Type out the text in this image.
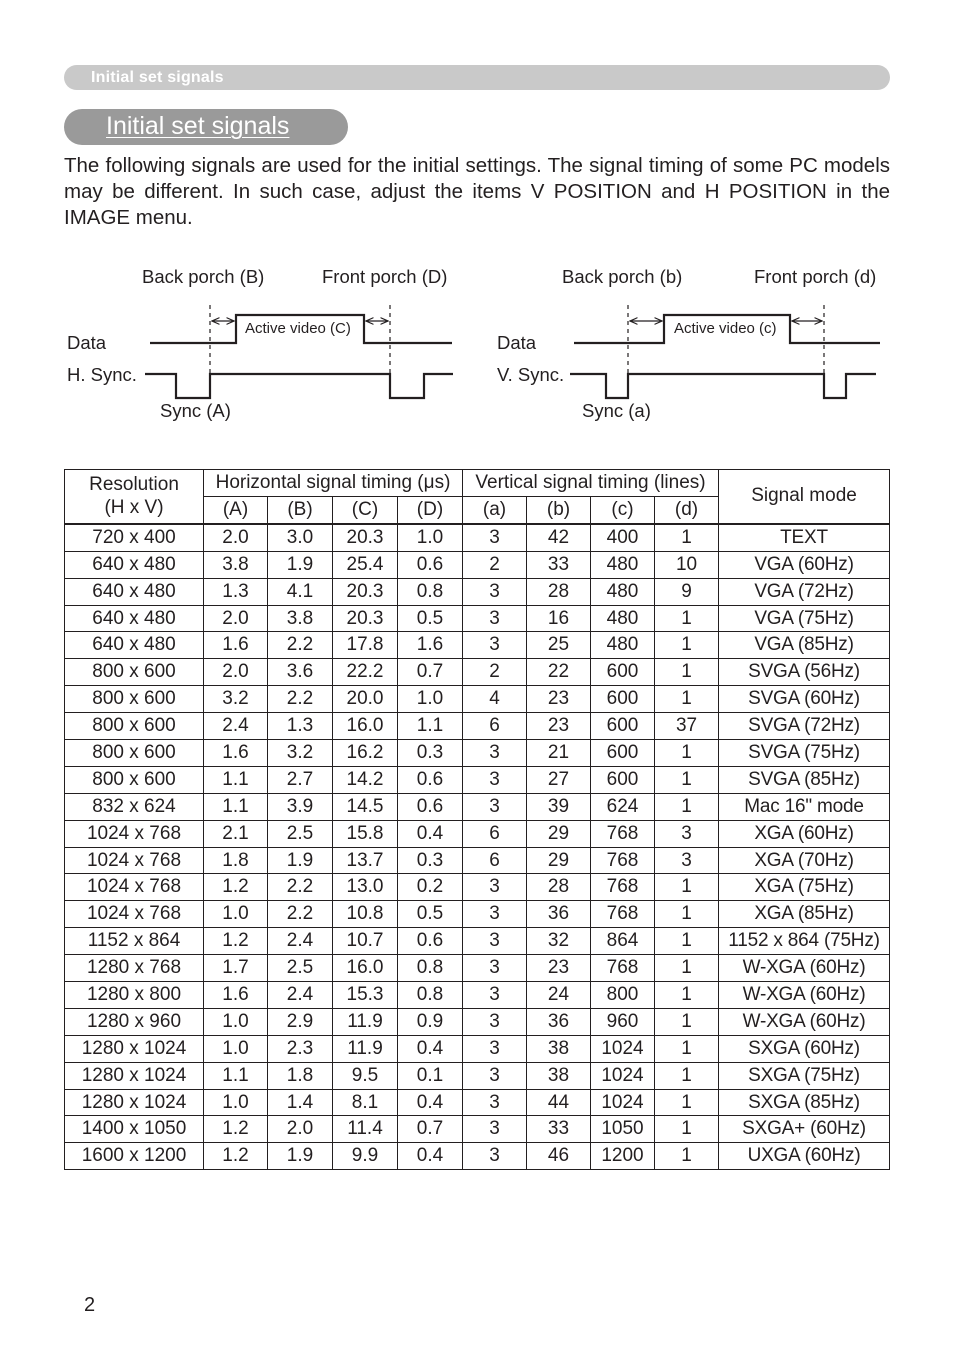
Initial set signals
Initial set signals

The following signals are used for the initial settings. The signal timing of some PC models may be different. In such case, adjust the items V POSITION and H POSITION in the IMAGE menu.

Back porch (B)	Front porch (D)
Data
H. Sync.
Sync (A)
Active video (C)
Back porch (b)	Front porch (d)
Data
V. Sync.
Sync (a)
Active video (c)
Resolution
(H x V)	Horizontal signal timing (μs)				Vertical signal timing (lines)				Signal mode
	(A)	(B)	(C)	(D)	(a)	(b)	(c)	(d)	
720 x 400	2.0	3.0	20.3	1.0	3	42	400	1	TEXT
640 x 480	3.8	1.9	25.4	0.6	2	33	480	10	VGA (60Hz)
640 x 480	1.3	4.1	20.3	0.8	3	28	480	9	VGA (72Hz)
640 x 480	2.0	3.8	20.3	0.5	3	16	480	1	VGA (75Hz)
640 x 480	1.6	2.2	17.8	1.6	3	25	480	1	VGA (85Hz)
800 x 600	2.0	3.6	22.2	0.7	2	22	600	1	SVGA (56Hz)
800 x 600	3.2	2.2	20.0	1.0	4	23	600	1	SVGA (60Hz)
800 x 600	2.4	1.3	16.0	1.1	6	23	600	37	SVGA (72Hz)
800 x 600	1.6	3.2	16.2	0.3	3	21	600	1	SVGA (75Hz)
800 x 600	1.1	2.7	14.2	0.6	3	27	600	1	SVGA (85Hz)
832 x 624	1.1	3.9	14.5	0.6	3	39	624	1	Mac 16" mode
1024 x 768	2.1	2.5	15.8	0.4	6	29	768	3	XGA (60Hz)
1024 x 768	1.8	1.9	13.7	0.3	6	29	768	3	XGA (70Hz)
1024 x 768	1.2	2.2	13.0	0.2	3	28	768	1	XGA (75Hz)
1024 x 768	1.0	2.2	10.8	0.5	3	36	768	1	XGA (85Hz)
1152 x 864	1.2	2.4	10.7	0.6	3	32	864	1	1152 x 864 (75Hz)
1280 x 768	1.7	2.5	16.0	0.8	3	23	768	1	W-XGA (60Hz)
1280 x 800	1.6	2.4	15.3	0.8	3	24	800	1	W-XGA (60Hz)
1280 x 960	1.0	2.9	11.9	0.9	3	36	960	1	W-XGA (60Hz)
1280 x 1024	1.0	2.3	11.9	0.4	3	38	1024	1	SXGA (60Hz)
1280 x 1024	1.1	1.8	9.5	0.1	3	38	1024	1	SXGA (75Hz)
1280 x 1024	1.0	1.4	8.1	0.4	3	44	1024	1	SXGA (85Hz)
1400 x 1050	1.2	2.0	11.4	0.7	3	33	1050	1	SXGA+ (60Hz)
1600 x 1200	1.2	1.9	9.9	0.4	3	46	1200	1	UXGA (60Hz)
2
